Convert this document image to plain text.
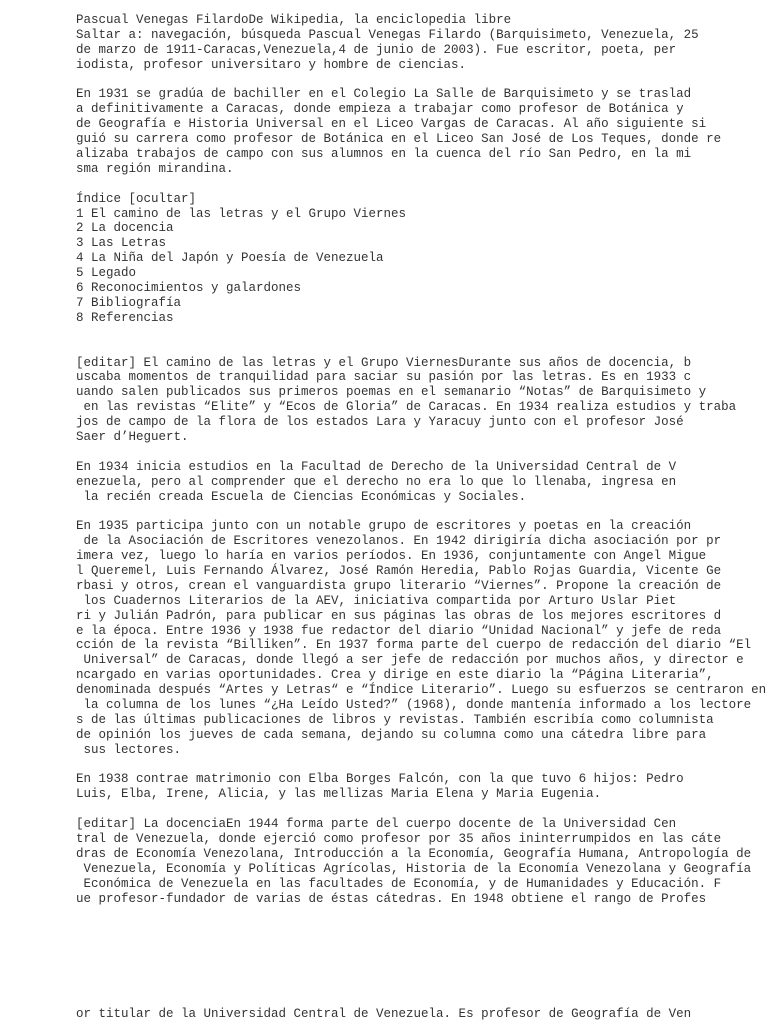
Pascual Venegas FilardoDe Wikipedia, la enciclopedia libre
Saltar a: navegación, búsqueda Pascual Venegas Filardo (Barquisimeto, Venezuela, 25
de marzo de 1911-Caracas,Venezuela,4 de junio de 2003). Fue escritor, poeta, per
iodista, profesor universitaro y hombre de ciencias.
En 1931 se gradúa de bachiller en el Colegio La Salle de Barquisimeto y se traslad
a definitivamente a Caracas, donde empieza a trabajar como profesor de Botánica y
de Geografía e Historia Universal en el Liceo Vargas de Caracas. Al año siguiente si
guió su carrera como profesor de Botánica en el Liceo San José de Los Teques, donde re
alizaba trabajos de campo con sus alumnos en la cuenca del río San Pedro, en la mi
sma región mirandina.
Índice [ocultar]
1 El camino de las letras y el Grupo Viernes
2 La docencia
3 Las Letras
4 La Niña del Japón y Poesía de Venezuela
5 Legado
6 Reconocimientos y galardones
7 Bibliografía
8 Referencias
[editar] El camino de las letras y el Grupo ViernesDurante sus años de docencia, b
uscaba momentos de tranquilidad para saciar su pasión por las letras. Es en 1933 c
uando salen publicados sus primeros poemas en el semanario “Notas” de Barquisimeto y
en las revistas “Elite” y “Ecos de Gloria” de Caracas. En 1934 realiza estudios y traba
jos de campo de la flora de los estados Lara y Yaracuy junto con el profesor José
Saer d’Heguert.
En 1934 inicia estudios en la Facultad de Derecho de la Universidad Central de V
enezuela, pero al comprender que el derecho no era lo que lo llenaba, ingresa en
la recién creada Escuela de Ciencias Económicas y Sociales.
En 1935 participa junto con un notable grupo de escritores y poetas en la creación
de la Asociación de Escritores venezolanos. En 1942 dirigiría dicha asociación por pr
imera vez, luego lo haría en varios períodos. En 1936, conjuntamente con Angel Migue
l Queremel, Luis Fernando Álvarez, José Ramón Heredia, Pablo Rojas Guardia, Vicente Ge
rbasi y otros, crean el vanguardista grupo literario “Viernes”. Propone la creación de
los Cuadernos Literarios de la AEV, iniciativa compartida por Arturo Uslar Piet
ri y Julián Padrón, para publicar en sus páginas las obras de los mejores escritores d
e la época. Entre 1936 y 1938 fue redactor del diario “Unidad Nacional” y jefe de reda
cción de la revista “Billiken”. En 1937 forma parte del cuerpo de redacción del diario “El
Universal” de Caracas, donde llegó a ser jefe de redacción por muchos años, y director e
ncargado en varias oportunidades. Crea y dirige en este diario la “Página Literaria”,
denominada después “Artes y Letras“ e “Índice Literario”. Luego su esfuerzos se centraron en
la columna de los lunes “¿Ha Leído Usted?” (1968), donde mantenía informado a los lectore
s de las últimas publicaciones de libros y revistas. También escribía como columnista
de opinión los jueves de cada semana, dejando su columna como una cátedra libre para
sus lectores.
En 1938 contrae matrimonio con Elba Borges Falcón, con la que tuvo 6 hijos: Pedro
Luis, Elba, Irene, Alicia, y las mellizas Maria Elena y Maria Eugenia.
[editar] La docenciaEn 1944 forma parte del cuerpo docente de la Universidad Cen
tral de Venezuela, donde ejerció como profesor por 35 años ininterrumpidos en las cáte
dras de Economía Venezolana, Introducción a la Economía, Geografía Humana, Antropología de
Venezuela, Economía y Políticas Agrícolas, Historia de la Economía Venezolana y Geografía
Económica de Venezuela en las facultades de Economía, y de Humanidades y Educación. F
ue profesor-fundador de varias de éstas cátedras. En 1948 obtiene el rango de Profes
or titular de la Universidad Central de Venezuela. Es profesor de Geografía de Ven
